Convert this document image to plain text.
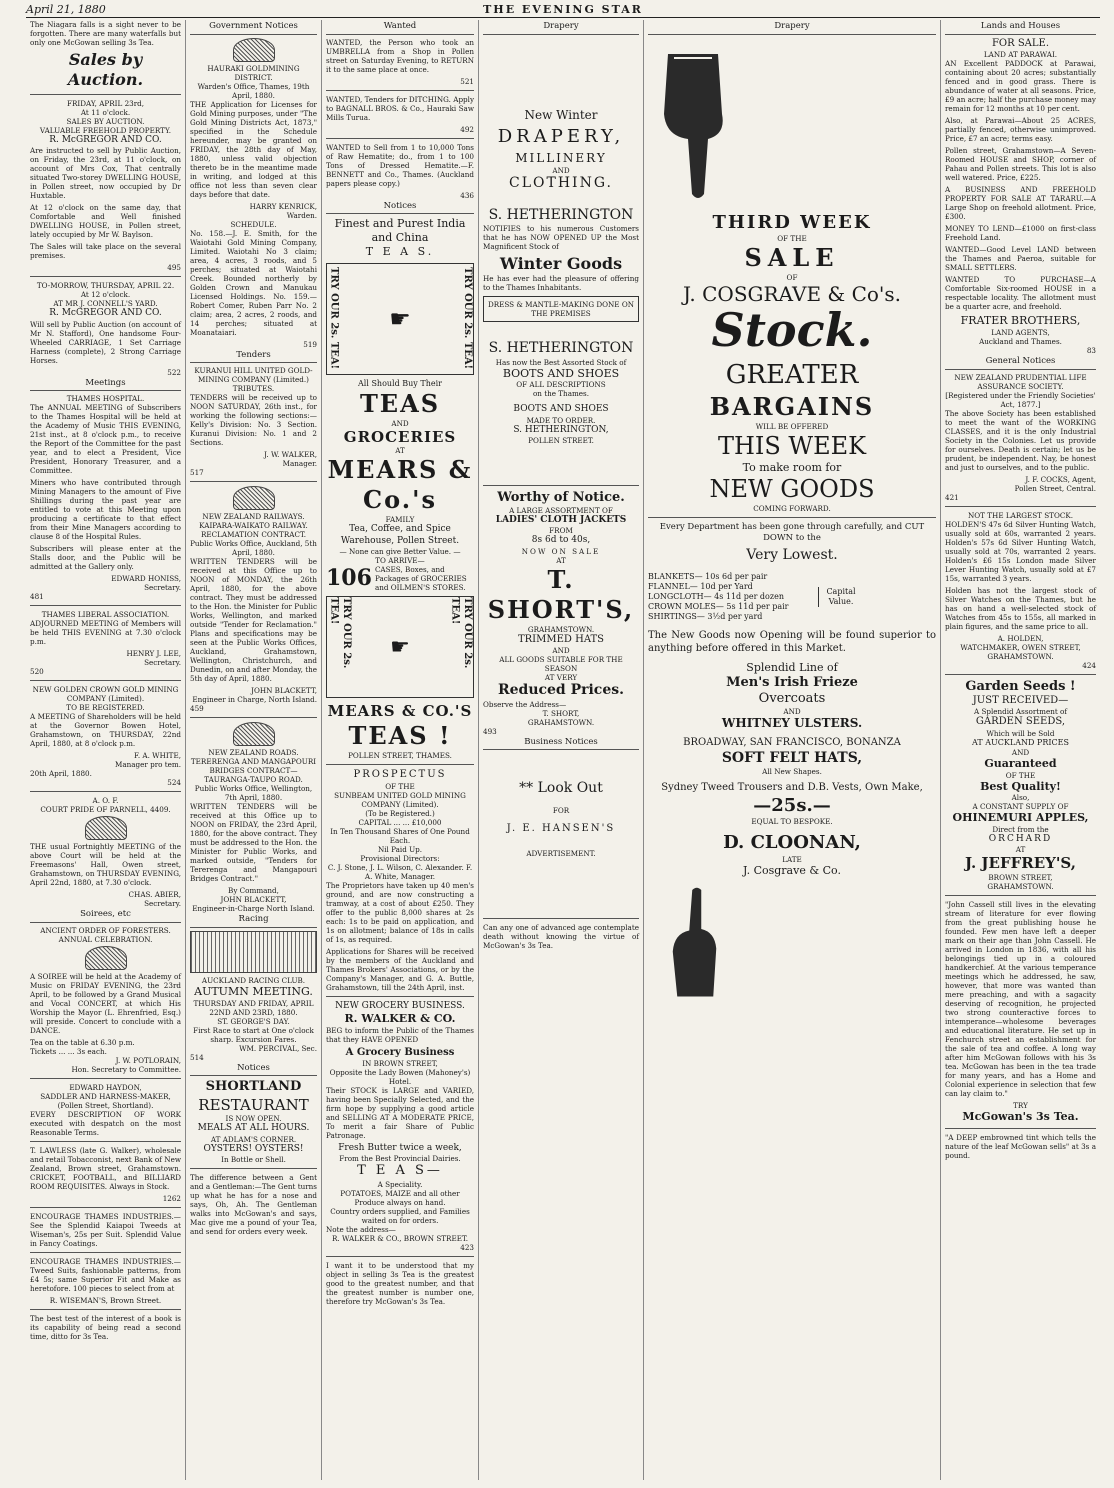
April 21, 1880	THE EVENING STAR

The Niagara falls is a sight never to be forgotten. There are many waterfalls but only one McGowan selling 3s Tea.

Sales by Auction.
FRIDAY, APRIL 23rd,
At 11 o'clock.
SALES BY AUCTION.
VALUABLE FREEHOLD PROPERTY.
R. McGREGOR AND CO.

Are instructed to sell by Public Auction, on Friday, the 23rd, at 11 o'clock, on account of Mrs Cox, That centrally situated Two-storey DWELLING HOUSE, in Pollen street, now occupied by Dr Huxtable.

At 12 o'clock on the same day, that Comfortable and Well finished DWELLING HOUSE, in Pollen street, lately occupied by Mr W. Baylson.

The Sales will take place on the several premises.

495
TO-MORROW, THURSDAY, APRIL 22.
At 12 o'clock.
AT MR J. CONNELL'S YARD.
R. McGREGOR AND CO.

Will sell by Public Auction (on account of Mr N. Stafford), One handsome Four-Wheeled CARRIAGE, 1 Set Carriage Harness (complete), 2 Strong Carriage Horses.

522
Meetings
THAMES HOSPITAL.

The ANNUAL MEETING of Subscribers to the Thames Hospital will be held at the Academy of Music THIS EVENING, 21st inst., at 8 o'clock p.m., to receive the Report of the Committee for the past year, and to elect a President, Vice President, Honorary Treasurer, and a Committee.

Miners who have contributed through Mining Managers to the amount of Five Shillings during the past year are entitled to vote at this Meeting upon producing a certificate to that effect from their Mine Managers according to clause 8 of the Hospital Rules.

Subscribers will please enter at the Stalls door, and the Public will be admitted at the Gallery only.

EDWARD HONISS,
Secretary.
481
THAMES LIBERAL ASSOCIATION.

ADJOURNED MEETING of Members will be held THIS EVENING at 7.30 o'clock p.m.

HENRY J. LEE,
Secretary.
520
NEW GOLDEN CROWN GOLD MINING COMPANY (Limited).
TO BE REGISTERED.

A MEETING of Shareholders will be held at the Governor Bowen Hotel, Grahamstown, on THURSDAY, 22nd April, 1880, at 8 o'clock p.m.

F. A. WHITE,
Manager pro tem.
20th April, 1880.
524
A. O. F.
COURT PRIDE OF PARNELL, 4409.

THE usual Fortnightly MEETING of the above Court will be held at the Freemasons' Hall, Owen street, Grahamstown, on THURSDAY EVENING, April 22nd, 1880, at 7.30 o'clock.

CHAS. ABIER,
Secretary.
Soirees, etc
ANCIENT ORDER OF FORESTERS.
ANNUAL CELEBRATION.

A SOIREE will be held at the Academy of Music on FRIDAY EVENING, the 23rd April, to be followed by a Grand Musical and Vocal CONCERT, at which His Worship the Mayor (L. Ehrenfried, Esq.) will preside. Concert to conclude with a DANCE.

Tea on the table at 6.30 p.m.
Tickets ... ... 3s each.
J. W. POTLORAIN,
Hon. Secretary to Committee.
EDWARD HAYDON,
SADDLER AND HARNESS-MAKER, (Pollen Street, Shortland).

EVERY DESCRIPTION OF WORK executed with despatch on the most Reasonable Terms.

T. LAWLESS (late G. Walker), wholesale and retail Tobacconist, next Bank of New Zealand, Brown street, Grahamstown. CRICKET, FOOTBALL, and BILLIARD ROOM REQUISITES. Always in Stock.

1262

ENCOURAGE THAMES INDUSTRIES.—See the Splendid Kaiapoi Tweeds at Wiseman's, 25s per Suit. Splendid Value in Fancy Coatings.

ENCOURAGE THAMES INDUSTRIES.—Tweed Suits, fashionable patterns, from £4 5s; same Superior Fit and Make as heretofore. 100 pieces to select from at

R. WISEMAN'S, Brown Street.

The best test of the interest of a book is its capability of being read a second time, ditto for 3s Tea.

Government Notices
HAURAKI GOLDMINING DISTRICT.
Warden's Office, Thames, 19th April, 1880.

THE Application for Licenses for Gold Mining purposes, under "The Gold Mining Districts Act, 1873," specified in the Schedule hereunder, may be granted on FRIDAY, the 28th day of May, 1880, unless valid objection thereto be in the meantime made in writing, and lodged at this office not less than seven clear days before that date.

HARRY KENRICK,
Warden.
SCHEDULE.

No. 158.—J. E. Smith, for the Waiotahi Gold Mining Company, Limited. Waiotahi No 3 claim; area, 4 acres, 3 roods, and 5 perches; situated at Waiotahi Creek. Bounded northerly by Golden Crown and Manukau Licensed Holdings. No. 159.—Robert Comer, Ruben Parr No. 2 claim; area, 2 acres, 2 roods, and 14 perches; situated at Moanataiari.

519
Tenders
KURANUI HILL UNITED GOLD-MINING COMPANY (Limited.)
TRIBUTES.

TENDERS will be received up to NOON SATURDAY, 26th inst., for working the following sections:— Kelly's Division: No. 3 Section. Kuranui Division: No. 1 and 2 Sections.

J. W. WALKER,
Manager.
517
NEW ZEALAND RAILWAYS.
KAIPARA-WAIKATO RAILWAY.
RECLAMATION CONTRACT.
Public Works Office, Auckland, 5th April, 1880.

WRITTEN TENDERS will be received at this Office up to NOON of MONDAY, the 26th April, 1880, for the above contract. They must be addressed to the Hon. the Minister for Public Works, Wellington, and marked outside "Tender for Reclamation." Plans and specifications may be seen at the Public Works Offices, Auckland, Grahamstown, Wellington, Christchurch, and Dunedin, on and after Monday, the 5th day of April, 1880.

JOHN BLACKETT,
Engineer in Charge, North Island.
459
NEW ZEALAND ROADS.
TERERENGA AND MANGAPOURI BRIDGES CONTRACT—TAURANGA-TAUPO ROAD.
Public Works Office, Wellington, 7th April, 1880.

WRITTEN TENDERS will be received at this Office up to NOON on FRIDAY, the 23rd April, 1880, for the above contract. They must be addressed to the Hon. the Minister for Public Works, and marked outside, "Tenders for Tererenga and Mangapouri Bridges Contract."

By Command,
JOHN BLACKETT,
Engineer-in-Charge North Island.
Racing
AUCKLAND RACING CLUB.
AUTUMN MEETING.
THURSDAY AND FRIDAY, APRIL 22ND AND 23RD, 1880.
ST. GEORGE'S DAY.
First Race to start at One o'clock sharp. Excursion Fares.
WM. PERCIVAL, Sec.
514
Notices
SHORTLAND
RESTAURANT
IS NOW OPEN.
MEALS AT ALL HOURS.
AT ADLAM'S CORNER.
OYSTERS! OYSTERS!
In Bottle or Shell.

The difference between a Gent and a Gentleman:—The Gent turns up what he has for a nose and says, Oh, Ah. The Gentleman walks into McGowan's and says, Mac give me a pound of your Tea, and send for orders every week.

Wanted

WANTED, the Person who took an UMBRELLA from a Shop in Pollen street on Saturday Evening, to RETURN it to the same place at once.

521

WANTED, Tenders for DITCHING. Apply to BAGNALL BROS. & Co., Hauraki Saw Mills Turua.

492

WANTED to Sell from 1 to 10,000 Tons of Raw Hematite; do., from 1 to 100 Tons of Dressed Hematite.—F. BENNETT and Co., Thames. (Auckland papers please copy.)

436
Notices
Finest and Purest India and China
T E A S.
TRY OUR 2s. TEA! ☛	TRY OUR 2s. TEA!
All Should Buy Their
TEAS
AND
GROCERIES
AT
MEARS & Co.'s
FAMILY
Tea, Coffee, and Spice Warehouse, Pollen Street.
— None can give Better Value. —
TO ARRIVE—
106 CASES, Boxes, and Packages of GROCERIES and OILMEN'S STORES.
TRY OUR 2s. TEA!
☛	TRY OUR 2s. TEA!
MEARS & CO.'S
TEAS !
POLLEN STREET, THAMES.
PROSPECTUS
OF THE
SUNBEAM UNITED GOLD MINING COMPANY (Limited).
(To be Registered.)
CAPITAL ... ... £10,000
In Ten Thousand Shares of One Pound Each.
Nil Paid Up.
Provisional Directors:
C. J. Stone, J. L. Wilson, C. Alexander. F. A. White, Manager.

The Proprietors have taken up 40 men's ground, and are now constructing a tramway, at a cost of about £250. They offer to the public 8,000 shares at 2s each: 1s to be paid on application, and 1s on allotment; balance of 18s in calls of 1s, as required.

Applications for Shares will be received by the members of the Auckland and Thames Brokers' Associations, or by the Company's Manager, and G. A. Buttle, Grahamstown, till the 24th April, inst.

NEW GROCERY BUSINESS.
R. WALKER & CO.

BEG to inform the Public of the Thames that they HAVE OPENED

A Grocery Business
IN BROWN STREET,
Opposite the Lady Bowen (Mahoney's) Hotel.

Their STOCK is LARGE and VARIED, having been Specially Selected, and the firm hope by supplying a good article and SELLING AT A MODERATE PRICE, To merit a fair Share of Public Patronage.

Fresh Butter twice a week,
From the Best Provincial Dairies.
T E A S—
A Speciality.
POTATOES, MAIZE and all other Produce always on hand.
Country orders supplied, and Families waited on for orders.
Note the address—
R. WALKER & CO., BROWN STREET.
423

I want it to be understood that my object in selling 3s Tea is the greatest good to the greatest number, and that the greatest number is number one, therefore try McGowan's 3s Tea.

Drapery
New Winter
DRAPERY,
MILLINERY
AND
CLOTHING.
S. HETHERINGTON

NOTIFIES to his numerous Customers that he has NOW OPENED UP the Most Magnificent Stock of

Winter Goods

He has ever had the pleasure of offering to the Thames Inhabitants.

DRESS & MANTLE-MAKING DONE ON THE PREMISES
S. HETHERINGTON
Has now the Best Assorted Stock of
BOOTS AND SHOES
OF ALL DESCRIPTIONS
on the Thames.
BOOTS AND SHOES
MADE TO ORDER.
S. HETHERINGTON,
POLLEN STREET.
Worthy of Notice.
A LARGE ASSORTMENT OF
LADIES' CLOTH JACKETS
FROM
8s 6d to 40s,
NOW ON SALE
AT
T. SHORT'S,
GRAHAMSTOWN.
TRIMMED HATS
AND
ALL GOODS SUITABLE FOR THE SEASON
AT VERY
Reduced Prices.
Observe the Address—
T. SHORT,
GRAHAMSTOWN.
493
Business Notices
** Look Out
FOR
J. E. HANSEN'S
ADVERTISEMENT.

Can any one of advanced age contemplate death without knowing the virtue of McGowan's 3s Tea.

Drapery
THIRD WEEK
OF THE
SALE
OF
J. COSGRAVE & Co's.
Stock.
GREATER
BARGAINS
WILL BE OFFERED
THIS WEEK
To make room for
NEW GOODS
COMING FORWARD.

Every Department has been gone through carefully, and CUT DOWN to the

Very Lowest.
BLANKETS— 10s 6d per pair
FLANNEL— 10d per Yard
LONGCLOTH— 4s 11d per dozen
CROWN MOLES— 5s 11d per pair
SHIRTINGS— 3½d per yard
Capital Value.

The New Goods now Opening will be found superior to anything before offered in this Market.

Splendid Line of
Men's Irish Frieze
Overcoats
AND
WHITNEY ULSTERS.
BROADWAY, SAN FRANCISCO, BONANZA
SOFT FELT HATS,
All New Shapes.
Sydney Tweed Trousers and D.B. Vests, Own Make,
—25s.—
EQUAL TO BESPOKE.
D. CLOONAN,
LATE
J. Cosgrave & Co.
Lands and Houses
FOR SALE.
LAND AT PARAWAI.

AN Excellent PADDOCK at Parawai, containing about 20 acres; substantially fenced and in good grass. There is abundance of water at all seasons. Price, £9 an acre; half the purchase money may remain for 12 months at 10 per cent.

Also, at Parawai—About 25 ACRES, partially fenced, otherwise unimproved. Price, £7 an acre; terms easy.

Pollen street, Grahamstown—A Seven-Roomed HOUSE and SHOP, corner of Pahau and Pollen streets. This lot is also well watered. Price, £225.

A BUSINESS AND FREEHOLD PROPERTY FOR SALE AT TARARU.—A Large Shop on freehold allotment. Price, £300.

MONEY TO LEND—£1000 on first-class Freehold Land.

WANTED—Good Level LAND between the Thames and Paeroa, suitable for SMALL SETTLERS.

WANTED TO PURCHASE—A Comfortable Six-roomed HOUSE in a respectable locality. The allotment must be a quarter acre, and freehold.

FRATER BROTHERS,
LAND AGENTS,
Auckland and Thames.
83
General Notices
NEW ZEALAND PRUDENTIAL LIFE ASSURANCE SOCIETY.
[Registered under the Friendly Societies' Act, 1877.]

The above Society has been established to meet the want of the WORKING CLASSES, and it is the only Industrial Society in the Colonies. Let us provide for ourselves. Death is certain; let us be prudent, be independent. Nay, be honest and just to ourselves, and to the public.

J. F. COCKS, Agent,
Pollen Street, Central.
421
NOT THE LARGEST STOCK.

HOLDEN'S 47s 6d Silver Hunting Watch, usually sold at 60s, warranted 2 years. Holden's 57s 6d Silver Hunting Watch, usually sold at 70s, warranted 2 years. Holden's £6 15s London made Silver Lever Hunting Watch, usually sold at £7 15s, warranted 3 years.

Holden has not the largest stock of Silver Watches on the Thames, but he has on hand a well-selected stock of Watches from 45s to 155s, all marked in plain figures, and the same price to all.

A. HOLDEN,
WATCHMAKER, OWEN STREET, GRAHAMSTOWN.
424
Garden Seeds !
JUST RECEIVED—
A Splendid Assortment of
GARDEN SEEDS,
Which will be Sold
AT AUCKLAND PRICES
AND
Guaranteed
OF THE
Best Quality!
Also,
A CONSTANT SUPPLY OF
OHINEMURI APPLES,
Direct from the
ORCHARD
AT
J. JEFFREY'S,
BROWN STREET,
GRAHAMSTOWN.

"John Cassell still lives in the elevating stream of literature for ever flowing from the great publishing house he founded. Few men have left a deeper mark on their age than John Cassell. He arrived in London in 1836, with all his belongings tied up in a coloured handkerchief. At the various temperance meetings which he addressed, he saw, however, that more was wanted than mere preaching, and with a sagacity deserving of recognition, he projected two strong counteractive forces to intemperance—wholesome beverages and educational literature. He set up in Fenchurch street an establishment for the sale of tea and coffee. A long way after him McGowan follows with his 3s tea. McGowan has been in the tea trade for many years, and has a Home and Colonial experience in selection that few can lay claim to."

TRY
McGowan's 3s Tea.

"A DEEP embrowned tint which tells the nature of the leaf McGowan sells" at 3s a pound.
